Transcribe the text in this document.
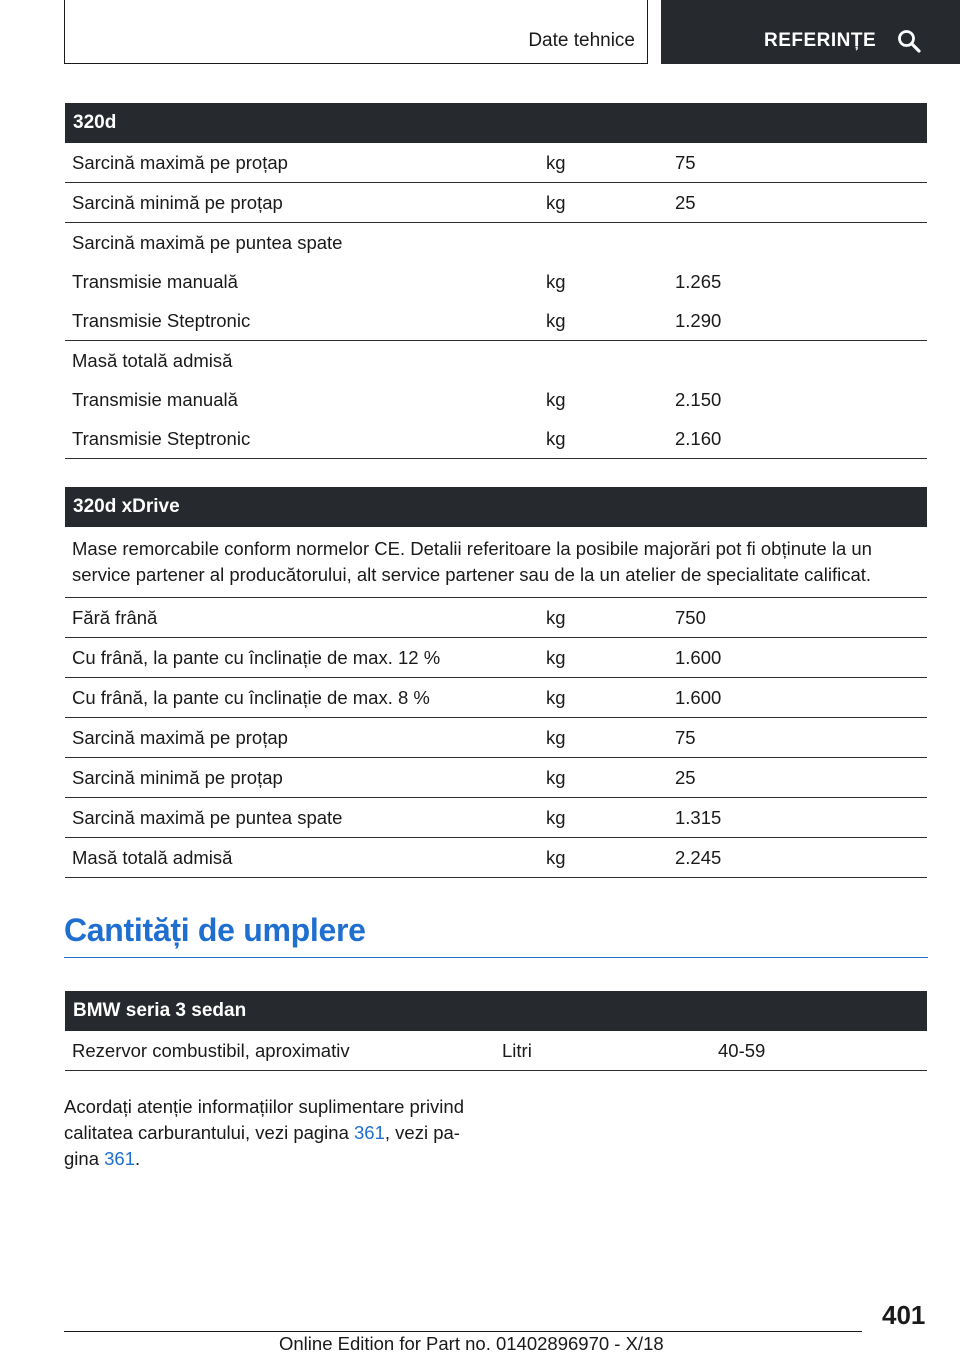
Date tehnice	REFERINȚE
320d
Sarcină maximă pe proțap	kg	75
Sarcină minimă pe proțap	kg	25
Sarcină maximă pe puntea spate
Transmisie manuală	kg	1.265
Transmisie Steptronic	kg	1.290
Masă totală admisă
Transmisie manuală	kg	2.150
Transmisie Steptronic	kg	2.160
320d xDrive
Mase remorcabile conform normelor CE. Detalii referitoare la posibile majorări pot fi obținute la un service partener al producătorului, alt service partener sau de la un atelier de specialitate calificat.
Fără frână	kg	750
Cu frână, la pante cu înclinație de max. 12 %	kg	1.600
Cu frână, la pante cu înclinație de max. 8 %	kg	1.600
Sarcină maximă pe proțap	kg	75
Sarcină minimă pe proțap	kg	25
Sarcină maximă pe puntea spate	kg	1.315
Masă totală admisă	kg	2.245
Cantități de umplere
BMW seria 3 sedan
Rezervor combustibil, aproximativ	Litri	40-59
Acordați atenție informațiilor suplimentare privind calitatea carburantului, vezi pagina 361, vezi pa-gina 361.
401
Online Edition for Part no. 01402896970 - X/18
